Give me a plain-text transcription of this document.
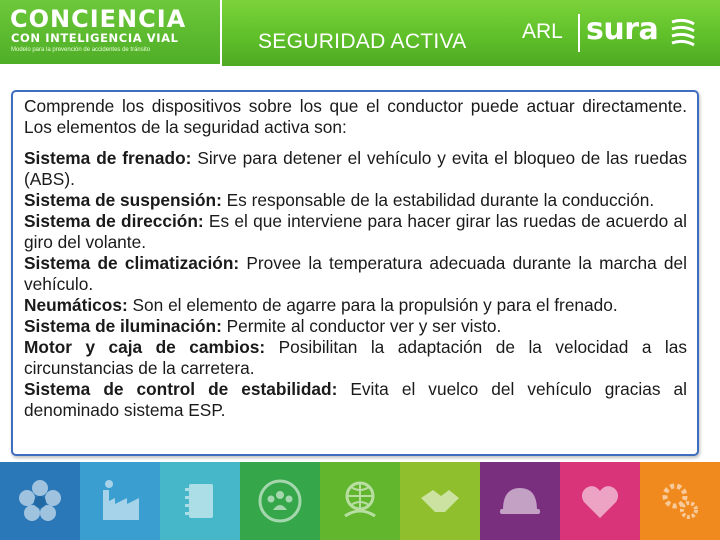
CONCIENCIA
CON INTELIGENCIA VIAL
Modelo para la prevención de accidentes de tránsito	SEGURIDAD ACTIVA	ARL sura

Comprende los dispositivos sobre los que el conductor puede actuar directamente. Los elementos de la seguridad activa son:

Sistema de frenado: Sirve para detener el vehículo y evita el bloqueo de las ruedas (ABS).

Sistema de suspensión: Es responsable de la estabilidad durante la conducción.

Sistema de dirección: Es el que interviene para hacer girar las ruedas de acuerdo al giro del volante.

Sistema de climatización: Provee la temperatura adecuada durante la marcha del vehículo.

Neumáticos: Son el elemento de agarre para la propulsión y para el frenado.

Sistema de iluminación: Permite al conductor ver y ser visto.

Motor y caja de cambios: Posibilitan la adaptación de la velocidad a las circunstancias de la carretera.

Sistema de control de estabilidad: Evita el vuelco del vehículo gracias al denominado sistema ESP.
